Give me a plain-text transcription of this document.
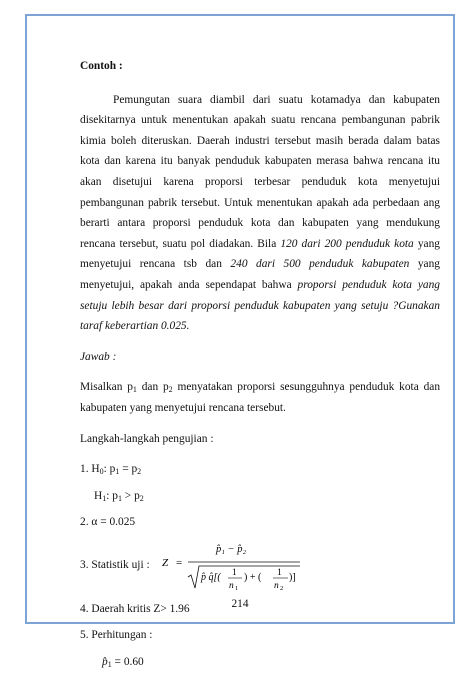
Contoh :

Pemungutan suara diambil dari suatu kotamadya dan kabupaten disekitarnya untuk menentukan apakah suatu rencana pembangunan pabrik kimia boleh diteruskan. Daerah industri tersebut masih berada dalam batas kota dan karena itu banyak penduduk kabupaten merasa bahwa rencana itu akan disetujui karena proporsi terbesar penduduk kota menyetujui pembangunan pabrik tersebut. Untuk menentukan apakah ada perbedaan ang berarti antara proporsi penduduk kota dan kabupaten yang mendukung rencana tersebut, suatu pol diadakan. Bila 120 dari 200 penduduk kota yang menyetujui rencana tsb dan 240 dari 500 penduduk kabupaten yang menyetujui, apakah anda sependapat bahwa proporsi penduduk kota yang setuju lebih besar dari proporsi penduduk kabupaten yang setuju ?Gunakan taraf keberartian 0.025.

Jawab :

Misalkan $p_1$ dan $p_2$ menyatakan proporsi sesungguhnya penduduk kota dan kabupaten yang menyetujui rencana tersebut.

Langkah-langkah pengujian :
1. $H_0$: $p_1 = p_2$
$H_1$: $p_1 > p_2$
2. α = 0.025
3. Statistik uji : Z =
p̂₁ − p̂₂
p̂ q̂[( 1
n 1
) + ( 1
n 2
)]
4. Daerah kritis Z> 1.96
5. Perhitungan :
$p̂_1 = 0.60$
214
